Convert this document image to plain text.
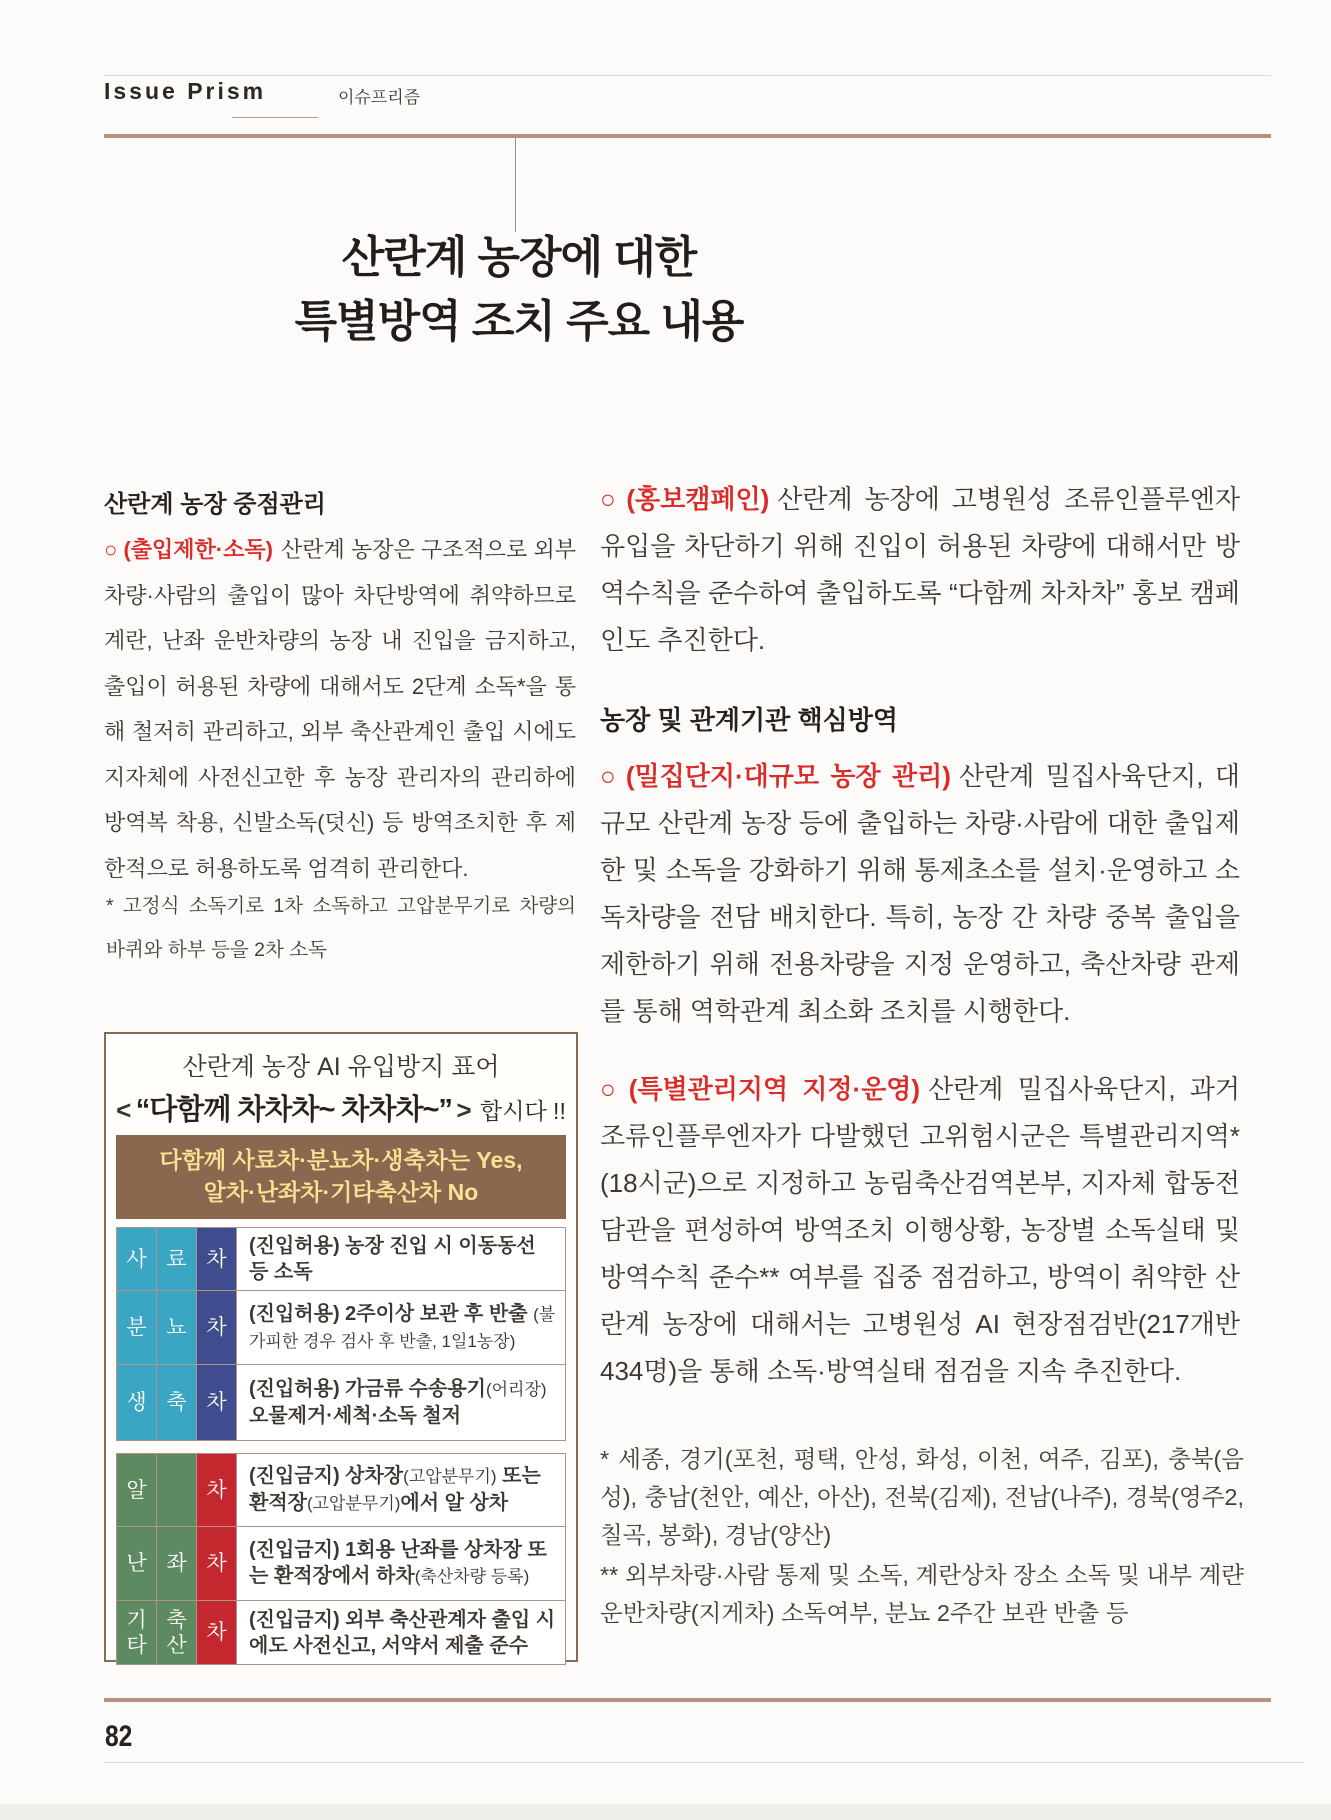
Issue Prism	이슈프리즘
산란계 농장에 대한
특별방역 조치 주요 내용
산란계 농장 중점관리
○ (출입제한·소독) 산란계 농장은 구조적으로 외부 차량·사람의 출입이 많아 차단방역에 취약하므로 계란, 난좌 운반차량의 농장 내 진입을 금지하고, 출입이 허용된 차량에 대해서도 2단계 소독*을 통해 철저히 관리하고, 외부 축산관계인 출입 시에도 지자체에 사전신고한 후 농장 관리자의 관리하에 방역복 착용, 신발소독(덧신) 등 방역조치한 후 제한적으로 허용하도록 엄격히 관리한다.
* 고정식 소독기로 1차 소독하고 고압분무기로 차량의 바퀴와 하부 등을 2차 소독
산란계 농장 AI 유입방지 표어
< “다함께 차차차~ 차차차~” > 합시다 !!
다함께 사료차·분뇨차·생축차는 Yes,
알차·난좌차·기타축산차 No
사 료 차
(진입허용) 농장 진입 시 이동동선 등 소독
분 뇨 차
(진입허용) 2주이상 보관 후 반출 (불가피한 경우 검사 후 반출, 1일1농장)
생 축 차
(진입허용) 가금류 수송용기(어리장) 오물제거·세척·소독 철저
알	차
(진입금지) 상차장(고압분무기) 또는 환적장(고압분무기)에서 알 상차
난 좌 차
(진입금지) 1회용 난좌를 상차장 또는 환적장에서 하차(축산차량 등록)
기타
축산
차
(진입금지) 외부 축산관계자 출입 시에도 사전신고, 서약서 제출 준수
○ (홍보캠페인) 산란계 농장에 고병원성 조류인플루엔자 유입을 차단하기 위해 진입이 허용된 차량에 대해서만 방역수칙을 준수하여 출입하도록 “다함께 차차차” 홍보 캠페인도 추진한다.
농장 및 관계기관 핵심방역
○ (밀집단지·대규모 농장 관리) 산란계 밀집사육단지, 대규모 산란계 농장 등에 출입하는 차량·사람에 대한 출입제한 및 소독을 강화하기 위해 통제초소를 설치·운영하고 소독차량을 전담 배치한다. 특히, 농장 간 차량 중복 출입을 제한하기 위해 전용차량을 지정 운영하고, 축산차량 관제를 통해 역학관계 최소화 조치를 시행한다.
○ (특별관리지역 지정·운영) 산란계 밀집사육단지, 과거 조류인플루엔자가 다발했던 고위험시군은 특별관리지역*(18시군)으로 지정하고 농림축산검역본부, 지자체 합동전담관을 편성하여 방역조치 이행상황, 농장별 소독실태 및 방역수칙 준수** 여부를 집중 점검하고, 방역이 취약한 산란계 농장에 대해서는 고병원성 AI 현장점검반(217개반 434명)을 통해 소독·방역실태 점검을 지속 추진한다.
* 세종, 경기(포천, 평택, 안성, 화성, 이천, 여주, 김포), 충북(음성), 충남(천안, 예산, 아산), 전북(김제), 전남(나주), 경북(영주2, 칠곡, 봉화), 경남(양산)
** 외부차량·사람 통제 및 소독, 계란상차 장소 소독 및 내부 계랸 운반차량(지게차) 소독여부, 분뇨 2주간 보관 반출 등
82
